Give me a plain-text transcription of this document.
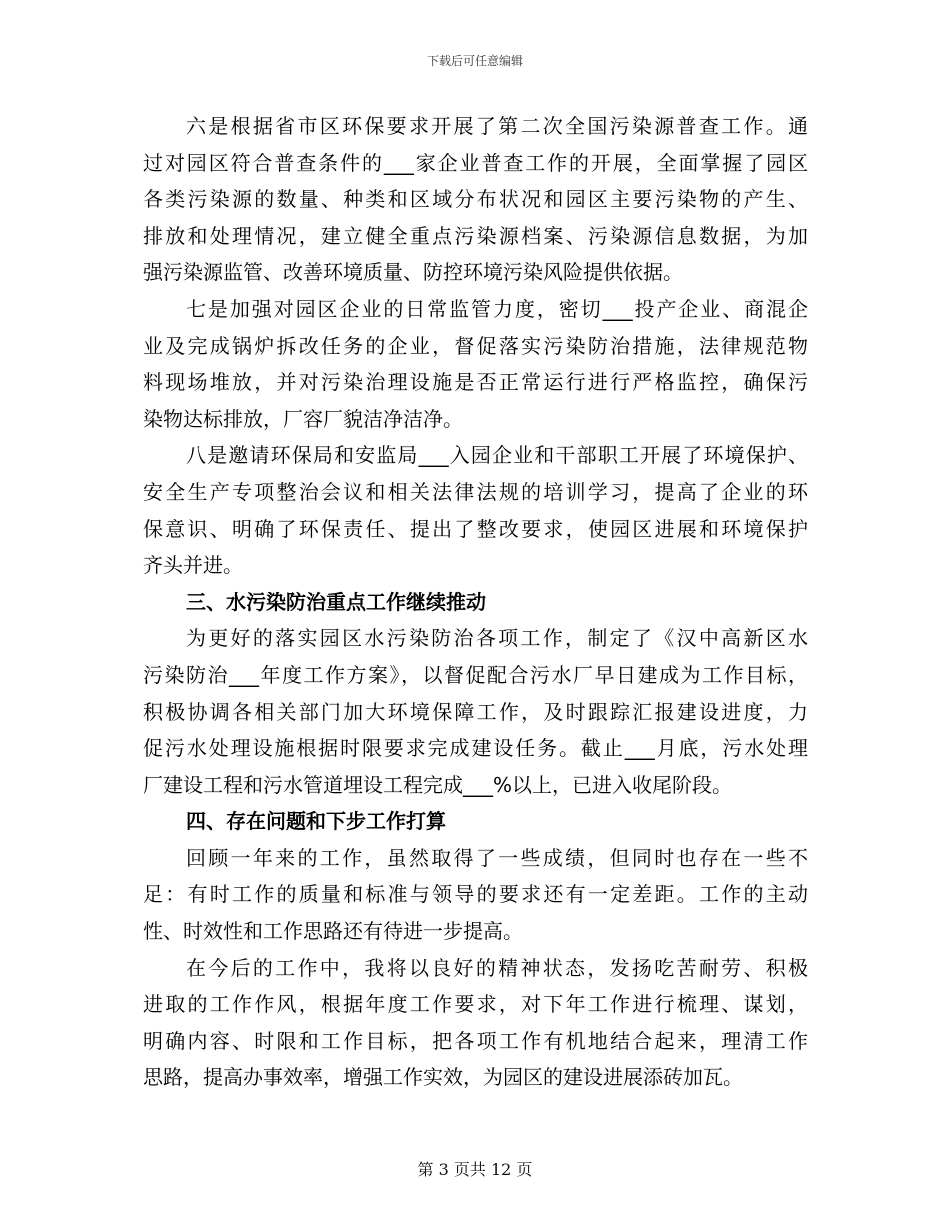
下载后可任意编辑
六是根据省市区环保要求开展了第二次全国污染源普查工作。通
过对园区符合普查条件的___家企业普查工作的开展，全面掌握了园区
各类污染源的数量、种类和区域分布状况和园区主要污染物的产生、
排放和处理情况，建立健全重点污染源档案、污染源信息数据，为加
强污染源监管、改善环境质量、防控环境污染风险提供依据。
七是加强对园区企业的日常监管力度，密切___投产企业、商混企
业及完成锅炉拆改任务的企业，督促落实污染防治措施，法律规范物
料现场堆放，并对污染治理设施是否正常运行进行严格监控，确保污
染物达标排放，厂容厂貌洁净洁净。
八是邀请环保局和安监局___入园企业和干部职工开展了环境保护、
安全生产专项整治会议和相关法律法规的培训学习，提高了企业的环
保意识、明确了环保责任、提出了整改要求，使园区进展和环境保护
齐头并进。
三、水污染防治重点工作继续推动
为更好的落实园区水污染防治各项工作，制定了《汉中高新区水
污染防治___年度工作方案》，以督促配合污水厂早日建成为工作目标，
积极协调各相关部门加大环境保障工作，及时跟踪汇报建设进度，力
促污水处理设施根据时限要求完成建设任务。截止___月底，污水处理
厂建设工程和污水管道埋设工程完成___%以上，已进入收尾阶段。
四、存在问题和下步工作打算
回顾一年来的工作，虽然取得了一些成绩，但同时也存在一些不
足：有时工作的质量和标准与领导的要求还有一定差距。工作的主动
性、时效性和工作思路还有待进一步提高。
在今后的工作中，我将以良好的精神状态，发扬吃苦耐劳、积极
进取的工作作风，根据年度工作要求，对下年工作进行梳理、谋划，
明确内容、时限和工作目标，把各项工作有机地结合起来，理清工作
思路，提高办事效率，增强工作实效，为园区的建设进展添砖加瓦。
第 3 页共 12 页
